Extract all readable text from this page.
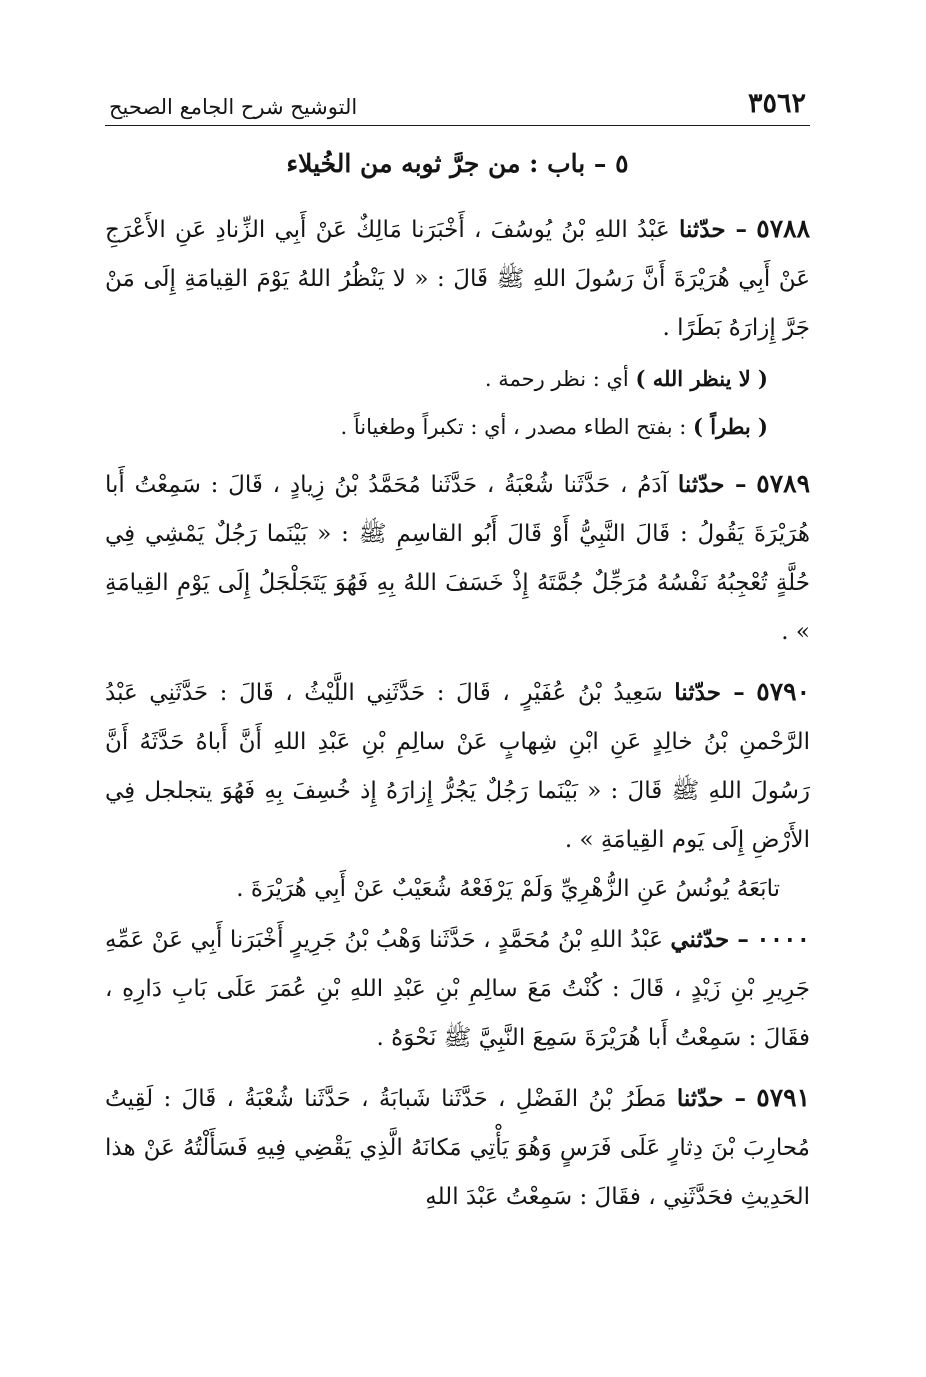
٣٥٦٢
التوشيح شرح الجامع الصحيح
٥ – باب : من جرَّ ثوبه من الخُيلاء

٥٧٨٨ – حدّثنا عَبْدُ اللهِ بْنُ يُوسُفَ ، أَخْبَرَنا مَالِكٌ عَنْ أَبِي الزِّنادِ عَنِ الأَعْرَجِ عَنْ أَبِي هُرَيْرَةَ أَنَّ رَسُولَ اللهِ ﷺ قَالَ : « لا يَنْظُرُ اللهُ يَوْمَ القِيامَةِ إِلَى مَنْ جَرَّ إِزارَهُ بَطَرًا .

( لا ينظر الله ) أي : نظر رحمة .

( بطراً ) : بفتح الطاء مصدر ، أي : تكبراً وطغياناً .

٥٧٨٩ – حدّثنا آدَمُ ، حَدَّثَنا شُعْبَةُ ، حَدَّثَنا مُحَمَّدُ بْنُ زِيادٍ ، قَالَ : سَمِعْتُ أَبا هُرَيْرَةَ يَقُولُ : قَالَ النَّبِيُّ أَوْ قَالَ أَبُو القاسِمِ ﷺ : « بَيْنَما رَجُلٌ يَمْشِي فِي حُلَّةٍ تُعْجِبُهُ نَفْسُهُ مُرَجِّلٌ جُمَّتَهُ إِذْ خَسَفَ اللهُ بِهِ فَهُوَ يَتَجَلْجَلُ إِلَى يَوْمِ القِيامَةِ » .

٥٧٩٠ – حدّثنا سَعِيدُ بْنُ عُفَيْرٍ ، قَالَ : حَدَّثَنِي اللَّيْثُ ، قَالَ : حَدَّثَنِي عَبْدُ الرَّحْمنِ بْنُ خالِدٍ عَنِ ابْنِ شِهابٍ عَنْ سالِمِ بْنِ عَبْدِ اللهِ أَنَّ أَباهُ حَدَّثَهُ أَنَّ رَسُولَ اللهِ ﷺ قَالَ : « بَيْنَما رَجُلٌ يَجُرُّ إِزارَهُ إِذ خُسِفَ بِهِ فَهُوَ يتجلجل فِي الأَرْضِ إِلَى يَوم القِيامَةِ » .

تابَعَهُ يُونُسُ عَنِ الزُّهْرِيِّ وَلَمْ يَرْفَعْهُ شُعَيْبٌ عَنْ أَبِي هُرَيْرَةَ .

٠٠٠٠ – حدّثني عَبْدُ اللهِ بْنُ مُحَمَّدٍ ، حَدَّثَنا وَهْبُ بْنُ جَرِيرٍ أَخْبَرَنا أَبِي عَنْ عَمِّهِ جَرِيرِ بْنِ زَيْدٍ ، قَالَ : كُنْتُ مَعَ سالِمِ بْنِ عَبْدِ اللهِ بْنِ عُمَرَ عَلَى بَابِ دَارِهِ ، فقَالَ : سَمِعْتُ أَبا هُرَيْرَةَ سَمِعَ النَّبِيَّ ﷺ نَحْوَهُ .

٥٧٩١ – حدّثنا مَطَرُ بْنُ الفَضْلِ ، حَدَّثَنا شَبابَةُ ، حَدَّثَنا شُعْبَةُ ، قَالَ : لَقِيتُ مُحارِبَ بْنَ دِثارٍ عَلَى فَرَسٍ وَهُوَ يَأْتِي مَكانَهُ الَّذِي يَقْضِي فِيهِ فَسَأَلْتُهُ عَنْ هذا الحَدِيثِ فحَدَّثَنِي ، فقَالَ : سَمِعْتُ عَبْدَ اللهِ
